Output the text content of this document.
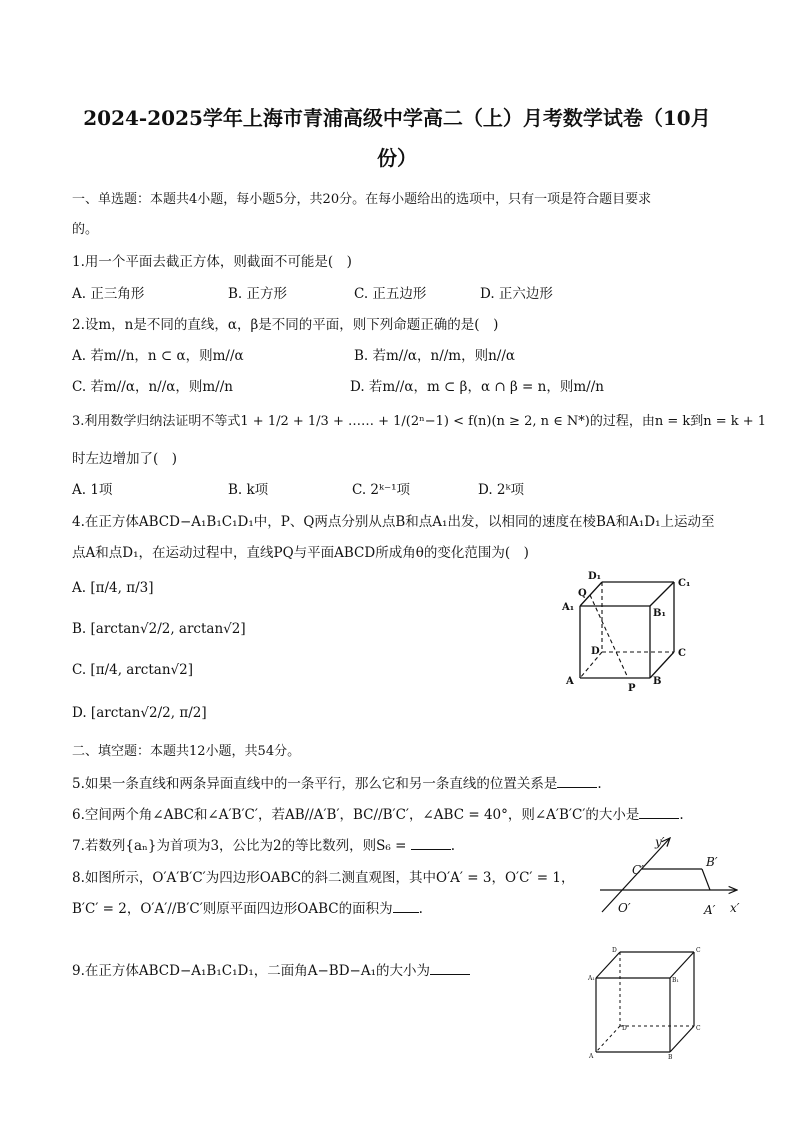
2024-2025学年上海市青浦高级中学高二（上）月考数学试卷（10月
份）
一、单选题：本题共4小题，每小题5分，共20分。在每小题给出的选项中，只有一项是符合题目要求
的。
1.用一个平面去截正方体，则截面不可能是(　)
A. 正三角形	B. 正方形	C. 正五边形	D. 正六边形
2.设m，n是不同的直线，α，β是不同的平面，则下列命题正确的是(　)
A. 若m//n，n ⊂ α，则m//α	B. 若m//α，n//m，则n//α
C. 若m//α，n//α，则m//n	D. 若m//α，m ⊂ β，α ∩ β = n，则m//n
3.利用数学归纳法证明不等式1 + 1/2 + 1/3 + …… + 1/(2ⁿ−1) < f(n)(n ≥ 2, n ∈ N*)的过程，由n = k到n = k + 1
时左边增加了(　)
A. 1项	B. k项	C. 2ᵏ⁻¹项	D. 2ᵏ项
4.在正方体ABCD−A₁B₁C₁D₁中，P、Q两点分别从点B和点A₁出发，以相同的速度在棱BA和A₁D₁上运动至
点A和点D₁，在运动过程中，直线PQ与平面ABCD所成角θ的变化范围为(　)
A. [π/4, π/3]
B. [arctan√2/2, arctan√2]
C. [π/4, arctan√2]
D. [arctan√2/2, π/2]
D₁
C₁
Q
A₁
B₁
D	C
A
P
B
二、填空题：本题共12小题，共54分。
5.如果一条直线和两条异面直线中的一条平行，那么它和另一条直线的位置关系是	.
6.空间两个角∠ABC和∠A′B′C′，若AB//A′B′，BC//B′C′，∠ABC = 40°，则∠A′B′C′的大小是	.
7.若数列{aₙ}为首项为3，公比为2的等比数列，则S₆ =	.
8.如图所示，O′A′B′C′为四边形OABC的斜二测直观图，其中O′A′ = 3，O′C′ = 1，
B′C′ = 2，O′A′//B′C′则原平面四边形OABC的面积为 .
y′
C′
B′
O′	A′ x′
9.在正方体ABCD−A₁B₁C₁D₁，二面角A−BD−A₁的大小为
D	C
A₁	B₁
D	C
A	B
